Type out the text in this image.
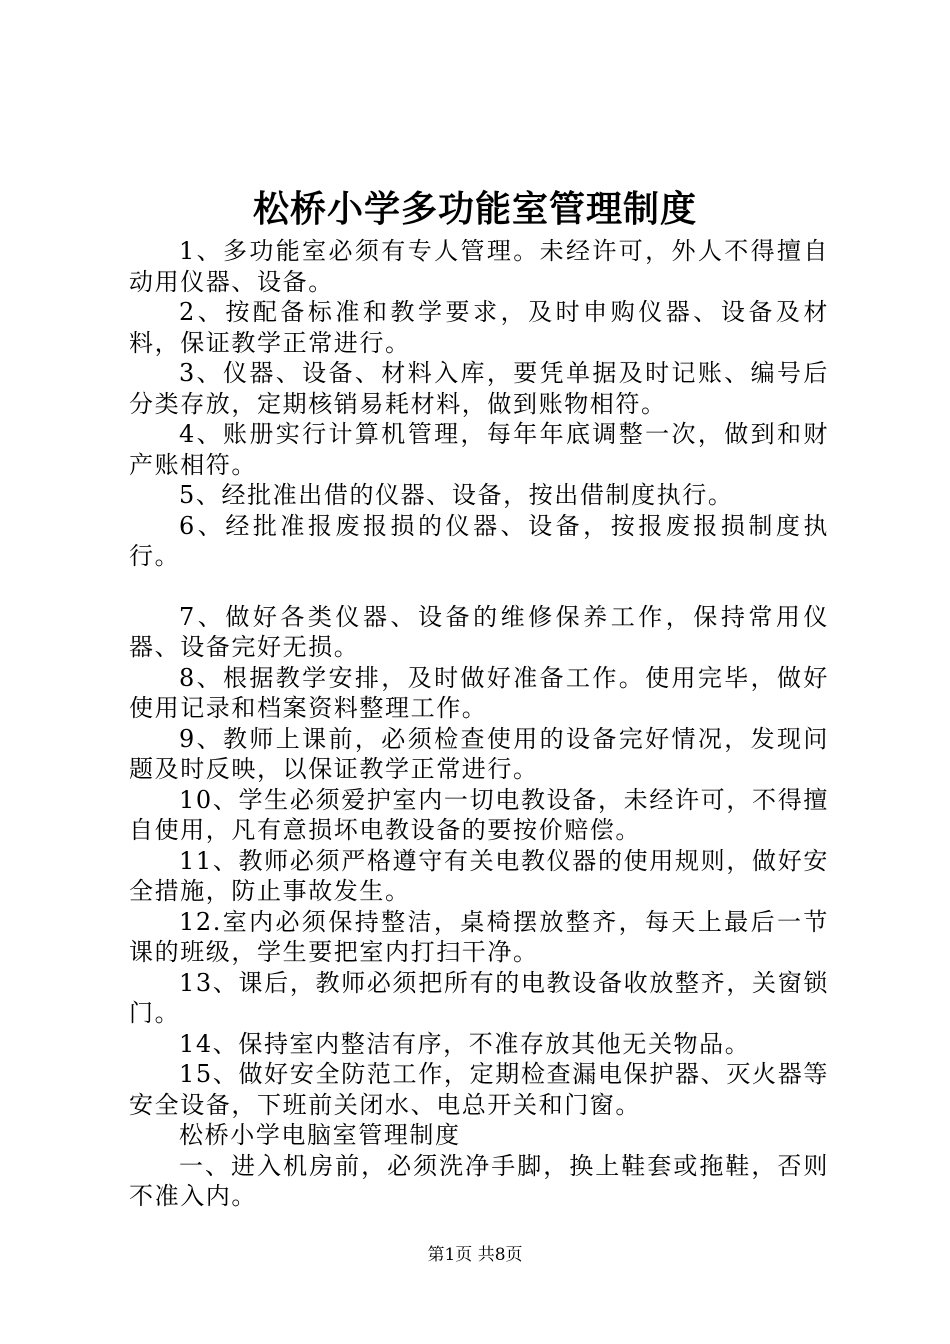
松桥小学多功能室管理制度

1、多功能室必须有专人管理。未经许可，外人不得擅自动用仪器、设备。

2、按配备标准和教学要求，及时申购仪器、设备及材料，保证教学正常进行。

3、仪器、设备、材料入库，要凭单据及时记账、编号后分类存放，定期核销易耗材料，做到账物相符。

4、账册实行计算机管理，每年年底调整一次，做到和财产账相符。

5、经批准出借的仪器、设备，按出借制度执行。

6、经批准报废报损的仪器、设备，按报废报损制度执行。

7、做好各类仪器、设备的维修保养工作，保持常用仪器、设备完好无损。

8、根据教学安排，及时做好准备工作。使用完毕，做好使用记录和档案资料整理工作。

9、教师上课前，必须检查使用的设备完好情况，发现问题及时反映，以保证教学正常进行。

10、学生必须爱护室内一切电教设备，未经许可，不得擅自使用，凡有意损坏电教设备的要按价赔偿。

11、教师必须严格遵守有关电教仪器的使用规则，做好安全措施，防止事故发生。

12.室内必须保持整洁，桌椅摆放整齐，每天上最后一节课的班级，学生要把室内打扫干净。

13、课后，教师必须把所有的电教设备收放整齐，关窗锁门。

14、保持室内整洁有序，不准存放其他无关物品。

15、做好安全防范工作，定期检查漏电保护器、灭火器等安全设备，下班前关闭水、电总开关和门窗。

松桥小学电脑室管理制度

一、进入机房前，必须洗净手脚，换上鞋套或拖鞋，否则不准入内。

第1页 共8页
